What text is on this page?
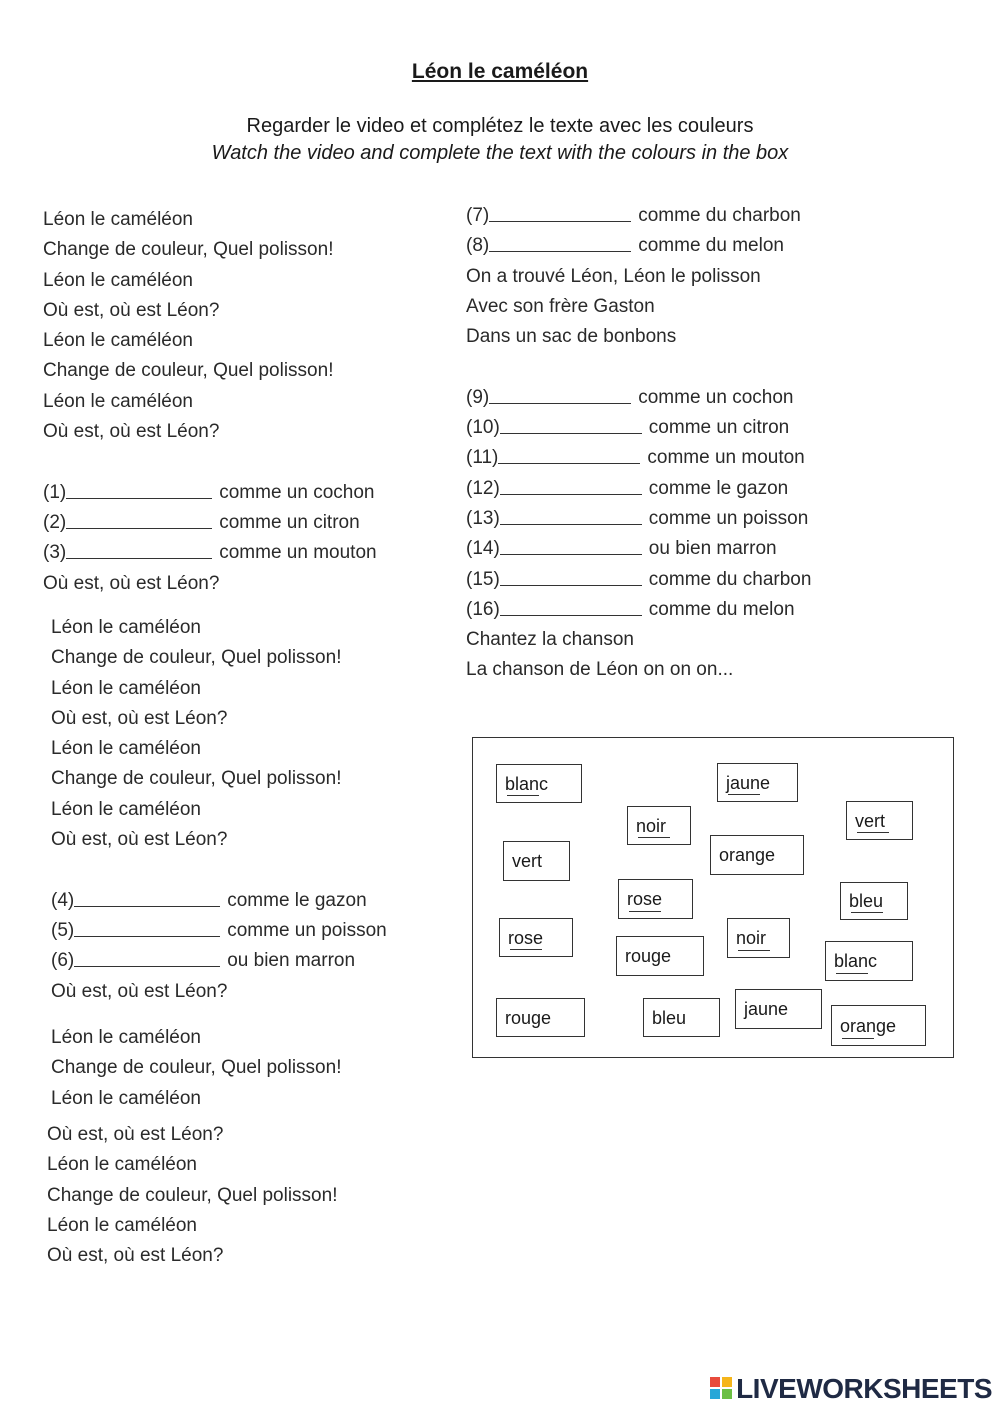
Léon le caméléon
Regarder le video et complétez le texte avec les couleurs
Watch the video and complete the text with the colours in the box
Léon le caméléon
Change de couleur, Quel polisson!
Léon le caméléon
Où est, où est Léon?
Léon le caméléon
Change de couleur, Quel polisson!
Léon le caméléon
Où est, où est Léon?
(1)	comme un cochon
(2)	comme un citron
(3)	comme un mouton
Où est, où est Léon?
Léon le caméléon
Change de couleur, Quel polisson!
Léon le caméléon
Où est, où est Léon?
Léon le caméléon
Change de couleur, Quel polisson!
Léon le caméléon
Où est, où est Léon?
(4)	comme le gazon
(5)	comme un poisson
(6)	ou bien marron
Où est, où est Léon?
Léon le caméléon
Change de couleur, Quel polisson!
Léon le caméléon
Où est, où est Léon?
Léon le caméléon
Change de couleur, Quel polisson!
Léon le caméléon
Où est, où est Léon?
(7)	comme du charbon
(8)	comme du melon
On a trouvé Léon, Léon le polisson
Avec son frère Gaston
Dans un sac de bonbons
(9)	comme un cochon
(10)	comme un citron
(11)	comme un mouton
(12)	comme le gazon
(13)	comme un poisson
(14)	ou bien marron
(15)	comme du charbon
(16)	comme du melon
Chantez la chanson
La chanson de Léon on on on...
blanc	jaune
noir	vert
vert	orange
rose	bleu
rose	noir
rouge	blanc
rouge	bleu	jaune
orange
LIVEWORKSHEETS
